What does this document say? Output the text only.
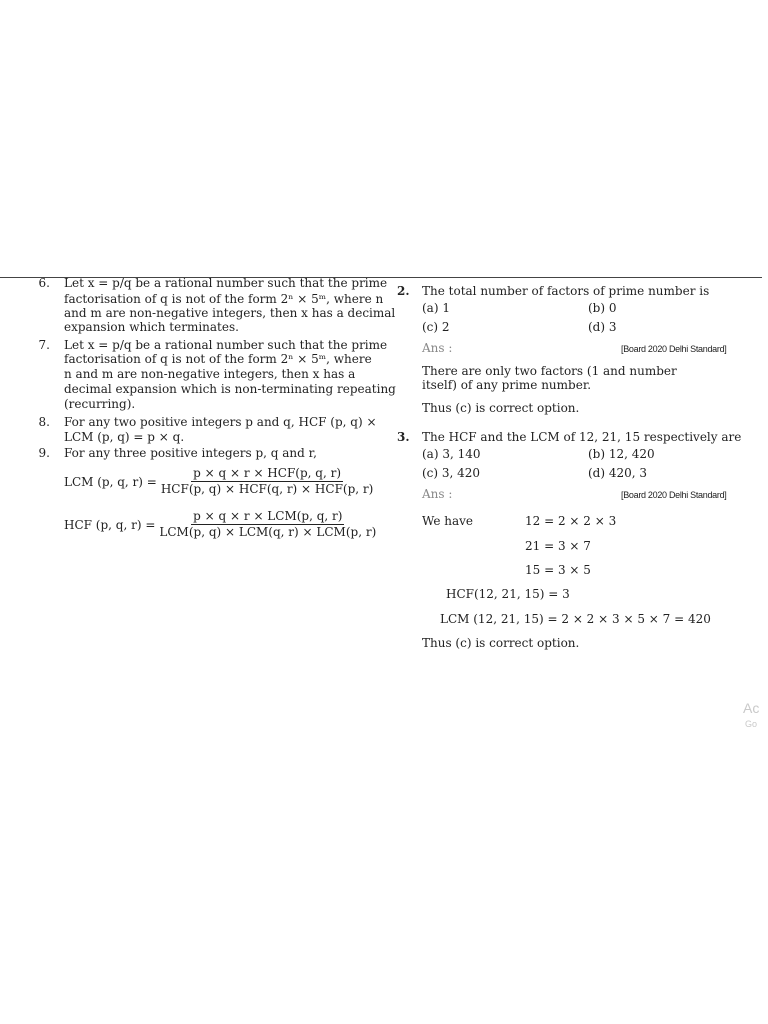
6. Let x = p/q be a rational number such that the prime
factorisation of q is not of the form 2ⁿ × 5ᵐ, where n
and m are non-negative integers, then x has a decimal
expansion which terminates.
7. Let x = p/q be a rational number such that the prime
factorisation of q is not of the form 2ⁿ × 5ᵐ, where
n and m are non-negative integers, then x has a
decimal expansion which is non-terminating repeating
(recurring).
8. For any two positive integers p and q, HCF (p, q) ×
LCM (p, q) = p × q.
9. For any three positive integers p, q and r,
LCM (p, q, $r) = \frac{\text{p × q × r × HCF(p, q, r)}}{\text{HCF(p, q) × HCF(q, r) × HCF(p, r)}}$
HCF (p, q, $r) = \frac{\text{p × q × r × LCM(p, q, r)}}{\text{LCM(p, q) × LCM(q, r) × LCM(p, r)}}$
2. The total number of factors of prime number is
(a) 1	(b) 0
(c) 2	(d) 3
Ans :	[Board 2020 Delhi Standard]
There are only two factors (1 and number
itself) of any prime number.
Thus (c) is correct option.
3. The HCF and the LCM of 12, 21, 15 respectively are
(a) 3, 140	(b) 12, 420
(c) 3, 420	(d) 420, 3
Ans :	[Board 2020 Delhi Standard]
We have	12 = 2 × 2 × 3
21 = 3 × 7
15 = 3 × 5
HCF(12, 21, 15) = 3
LCM (12, 21, 15) = 2 × 2 × 3 × 5 × 7 = 420
Thus (c) is correct option.
Ac
Go
